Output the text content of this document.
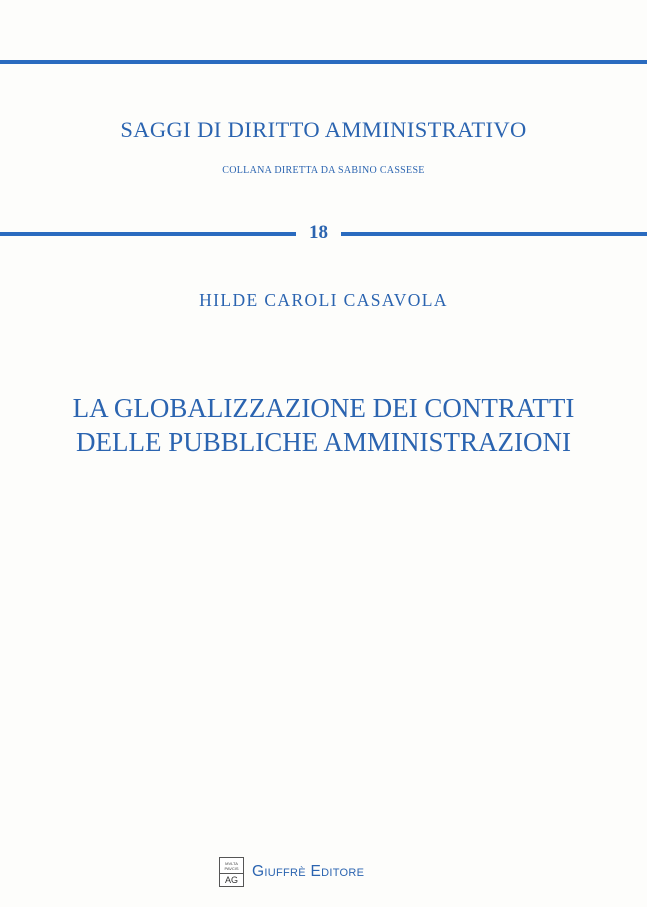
SAGGI DI DIRITTO AMMINISTRATIVO
COLLANA DIRETTA DA SABINO CASSESE
18
HILDE CAROLI CASAVOLA
LA GLOBALIZZAZIONE DEI CONTRATTI
DELLE PUBBLICHE AMMINISTRAZIONI
MVLTA
PAVCIS
AG Giuffrè Editore
